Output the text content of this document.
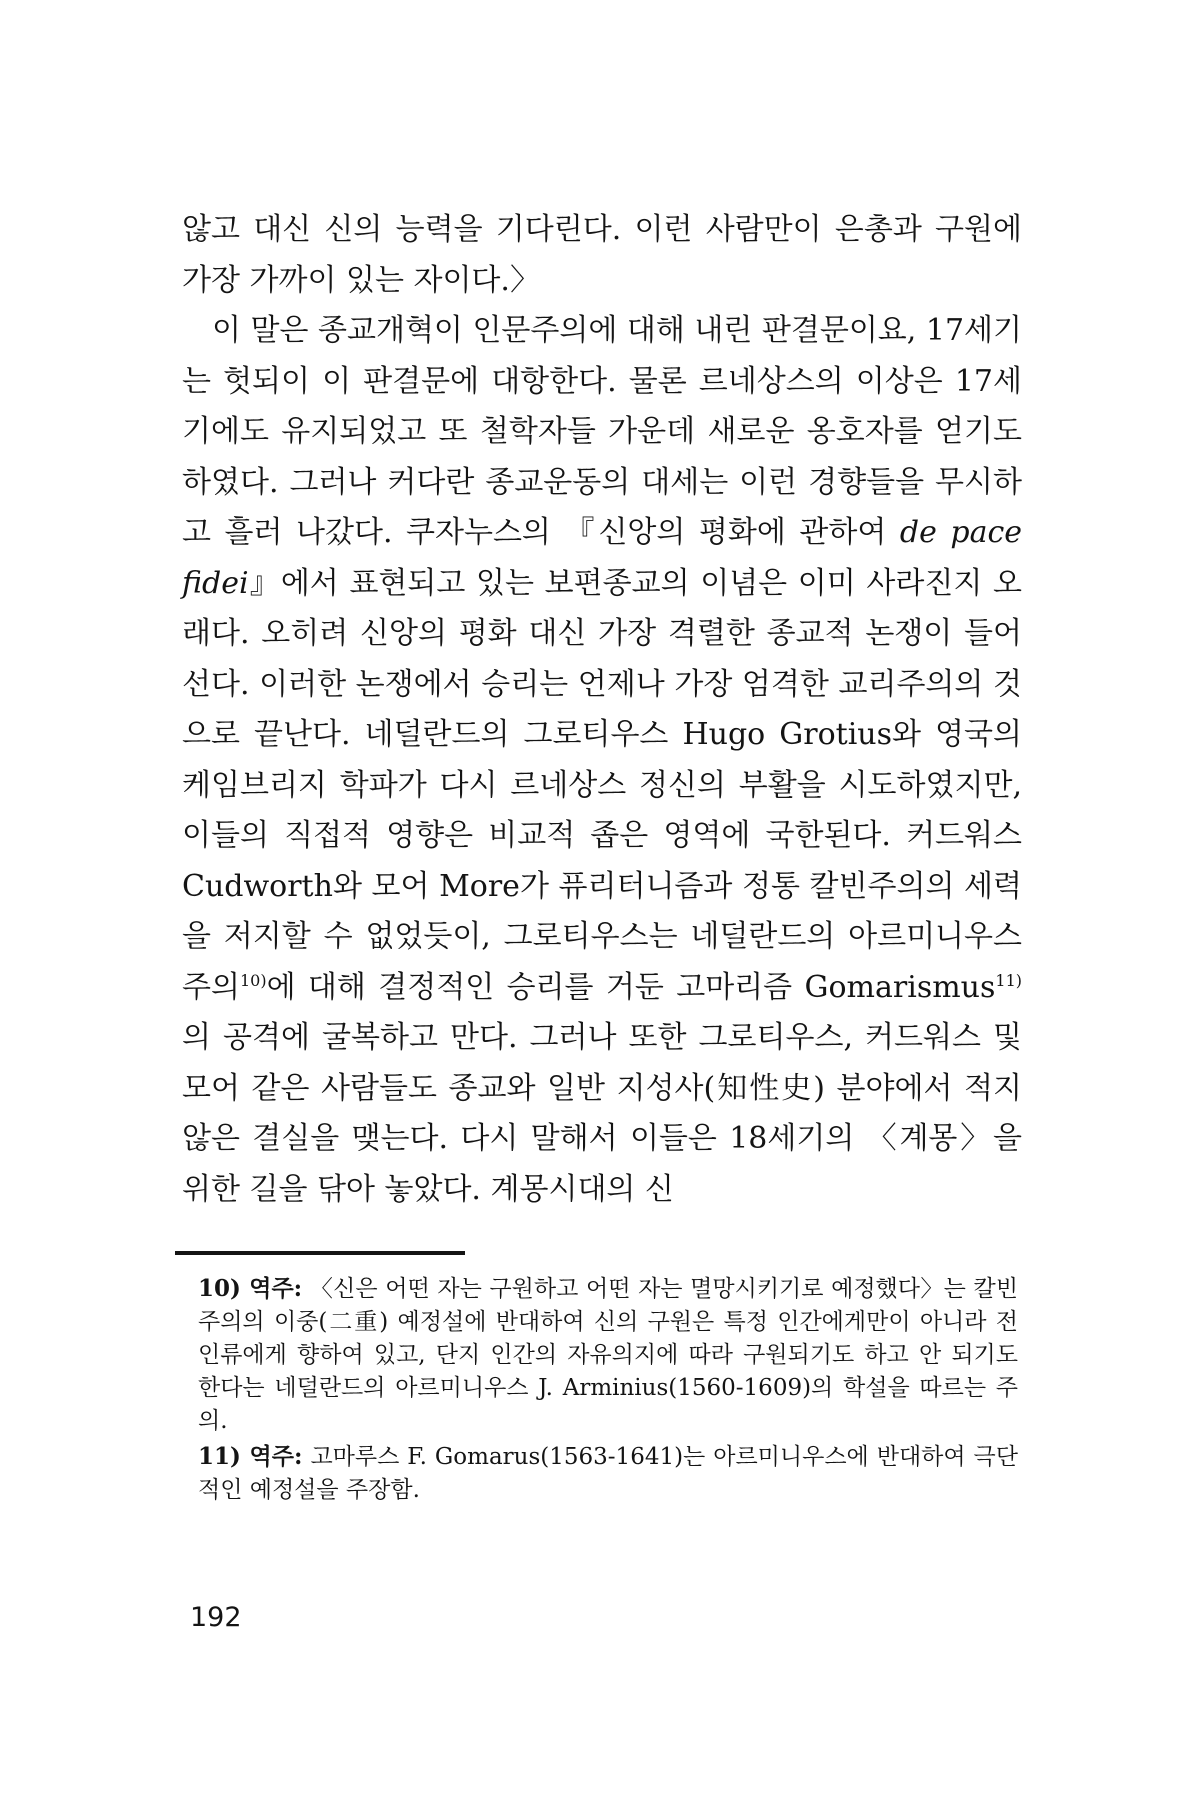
않고 대신 신의 능력을 기다린다. 이런 사람만이 은총과 구원에 가장 가까이 있는 자이다.〉

이 말은 종교개혁이 인문주의에 대해 내린 판결문이요, 17세기는 헛되이 이 판결문에 대항한다. 물론 르네상스의 이상은 17세기에도 유지되었고 또 철학자들 가운데 새로운 옹호자를 얻기도 하였다. 그러나 커다란 종교운동의 대세는 이런 경향들을 무시하고 흘러 나갔다. 쿠자누스의 『신앙의 평화에 관하여 de pace fidei』에서 표현되고 있는 보편종교의 이념은 이미 사라진지 오래다. 오히려 신앙의 평화 대신 가장 격렬한 종교적 논쟁이 들어선다. 이러한 논쟁에서 승리는 언제나 가장 엄격한 교리주의의 것으로 끝난다. 네덜란드의 그로티우스 Hugo Grotius와 영국의 케임브리지 학파가 다시 르네상스 정신의 부활을 시도하였지만, 이들의 직접적 영향은 비교적 좁은 영역에 국한된다. 커드워스 Cudworth와 모어 More가 퓨리터니즘과 정통 칼빈주의의 세력을 저지할 수 없었듯이, 그로티우스는 네덜란드의 아르미니우스주의$^{10)}$에 대해 결정적인 승리를 거둔 고마리즘 Gomarismus$^{11)}$의 공격에 굴복하고 만다. 그러나 또한 그로티우스, 커드워스 및 모어 같은 사람들도 종교와 일반 지성사(知性史) 분야에서 적지 않은 결실을 맺는다. 다시 말해서 이들은 18세기의 〈계몽〉을 위한 길을 닦아 놓았다. 계몽시대의 신

10) 역주: 〈신은 어떤 자는 구원하고 어떤 자는 멸망시키기로 예정했다〉는 칼빈주의의 이중(二重) 예정설에 반대하여 신의 구원은 특정 인간에게만이 아니라 전 인류에게 향하여 있고, 단지 인간의 자유의지에 따라 구원되기도 하고 안 되기도 한다는 네덜란드의 아르미니우스 J. Arminius(1560-1609)의 학설을 따르는 주의.

11) 역주: 고마루스 F. Gomarus(1563-1641)는 아르미니우스에 반대하여 극단적인 예정설을 주장함.

192
